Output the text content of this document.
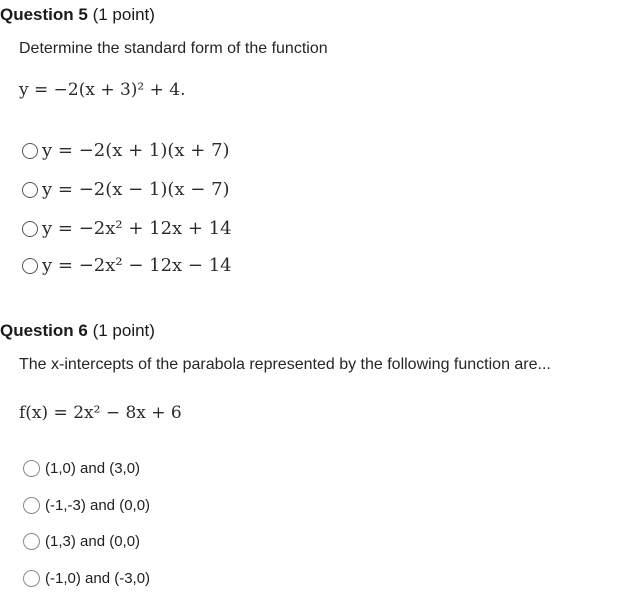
Question 5 (1 point)
Determine the standard form of the function
y = −2(x + 3)² + 4.
y = −2(x + 1)(x + 7)
y = −2(x − 1)(x − 7)
y = −2x² + 12x + 14
y = −2x² − 12x − 14
Question 6 (1 point)
The x-intercepts of the parabola represented by the following function are...
f(x) = 2x² − 8x + 6
(1,0) and (3,0)
(-1,-3) and (0,0)
(1,3) and (0,0)
(-1,0) and (-3,0)
